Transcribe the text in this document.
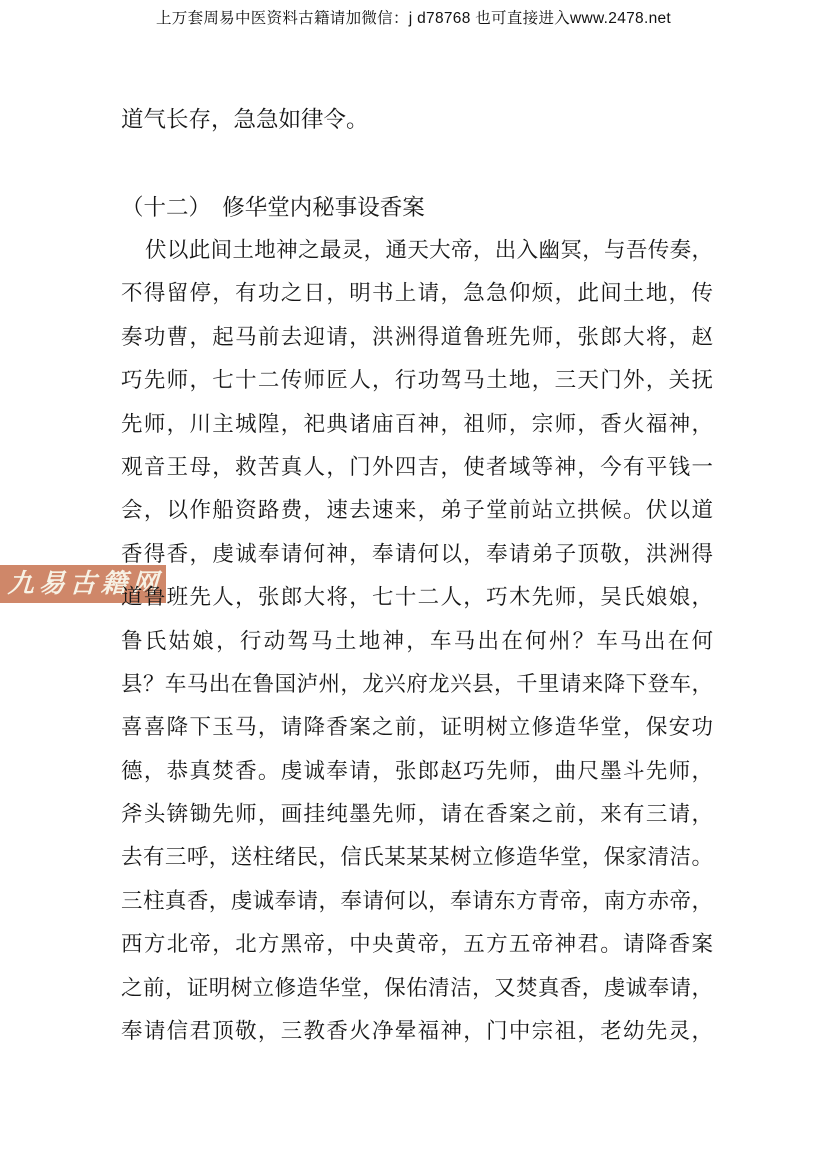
上万套周易中医资料古籍请加微信：j d78768 也可直接进入www.2478.net
九易古籍网
道气长存，急急如律令。
（十二）　修华堂内秘事设香案
伏以此间土地神之最灵，通天大帝，出入幽冥，与吾传奏，
不得留停，有功之日，明书上请，急急仰烦，此间土地，传
奏功曹，起马前去迎请，洪洲得道鲁班先师，张郎大将，赵
巧先师，七十二传师匠人，行功驾马土地，三天门外，关抚
先师，川主城隍，祀典诸庙百神，祖师，宗师，香火福神，
观音王母，救苦真人，门外四吉，使者域等神，今有平钱一
会，以作船资路费，速去速来，弟子堂前站立拱候。伏以道
香得香，虔诚奉请何神，奉请何以，奉请弟子顶敬，洪洲得
道鲁班先人，张郎大将，七十二人，巧木先师，吴氏娘娘，
鲁氏姑娘，行动驾马土地神，车马出在何州？车马出在何
县？车马出在鲁国泸州，龙兴府龙兴县，千里请来降下登车，
喜喜降下玉马，请降香案之前，证明树立修造华堂，保安功
德，恭真焚香。虔诚奉请，张郎赵巧先师，曲尺墨斗先师，
斧头锛锄先师，画挂纯墨先师，请在香案之前，来有三请，
去有三呼，送柱绪民，信氏某某某树立修造华堂，保家清洁。
三柱真香，虔诚奉请，奉请何以，奉请东方青帝，南方赤帝，
西方北帝，北方黑帝，中央黄帝，五方五帝神君。请降香案
之前，证明树立修造华堂，保佑清洁，又焚真香，虔诚奉请，
奉请信君顶敬，三教香火净晕福神，门中宗祖，老幼先灵，
